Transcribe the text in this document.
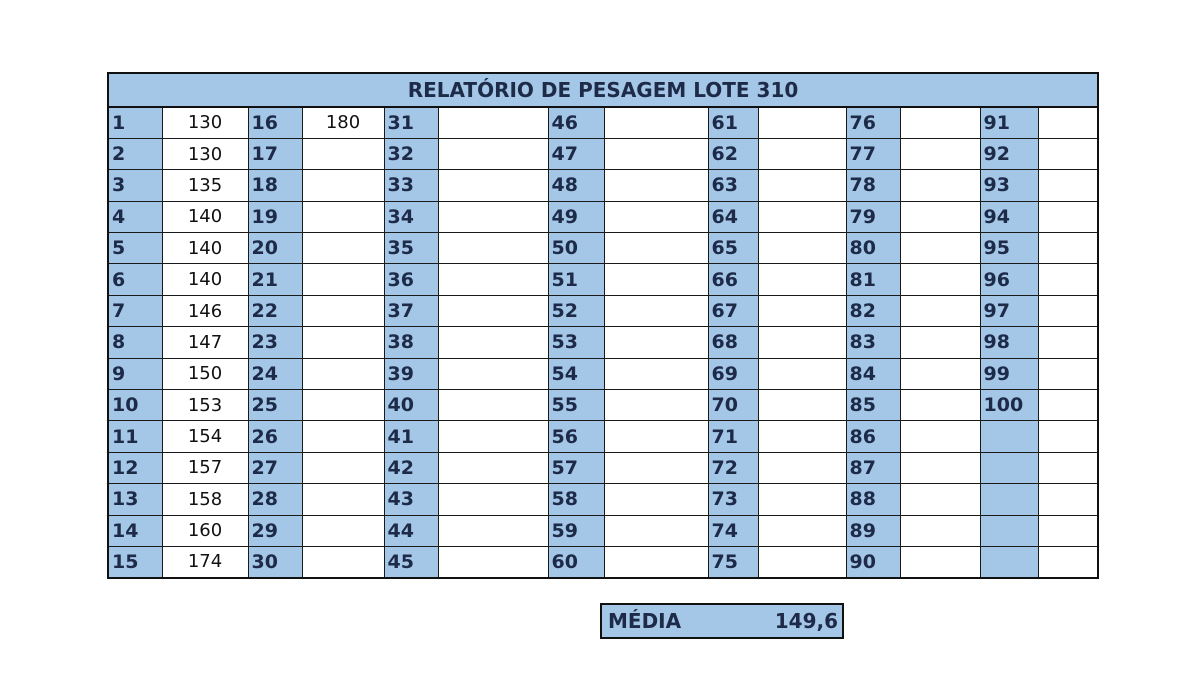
RELATÓRIO DE PESAGEM LOTE 310													
1	130	16	180	31		46		61		76		91	
2	130	17		32		47		62		77		92	
3	135	18		33		48		63		78		93	
4	140	19		34		49		64		79		94	
5	140	20		35		50		65		80		95	
6	140	21		36		51		66		81		96	
7	146	22		37		52		67		82		97	
8	147	23		38		53		68		83		98	
9	150	24		39		54		69		84		99	
10	153	25		40		55		70		85		100	
11	154	26		41		56		71		86			
12	157	27		42		57		72		87			
13	158	28		43		58		73		88			
14	160	29		44		59		74		89			
15	174	30		45		60		75		90			
MÉDIA	149,6
